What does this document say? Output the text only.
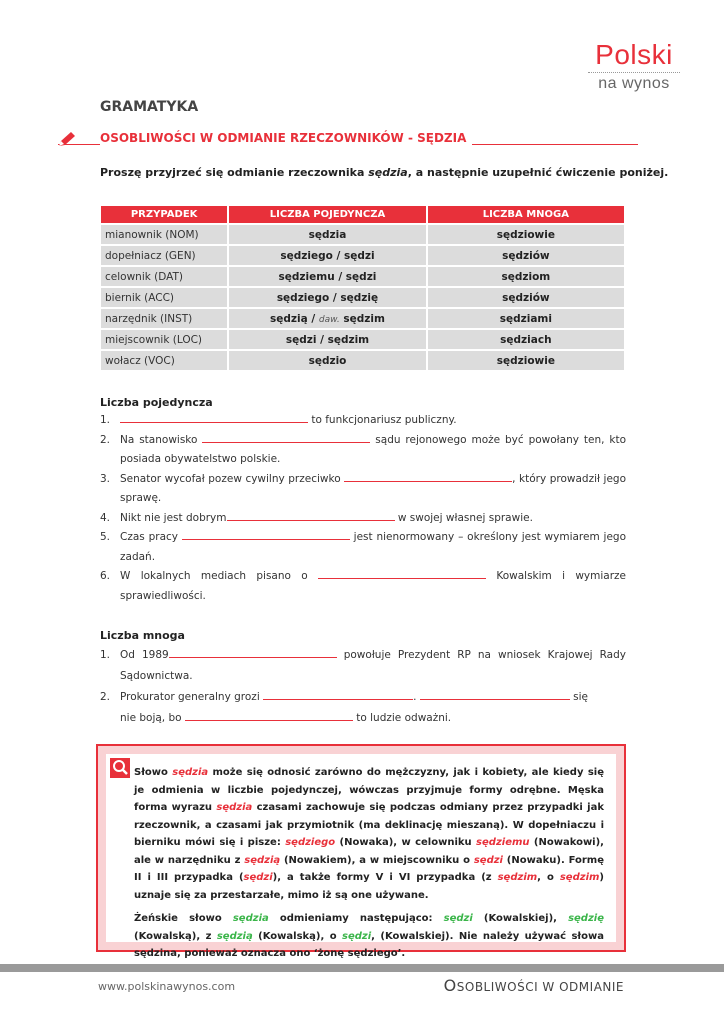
Polski
na wynos
GRAMATYKA
OSOBLIWOŚCI W ODMIANIE RZECZOWNIKÓW - SĘDZIA
Proszę przyjrzeć się odmianie rzeczownika sędzia, a następnie uzupełnić ćwiczenie poniżej.
PRZYPADEK	LICZBA POJEDYNCZA	LICZBA MNOGA
mianownik (NOM)	sędzia	sędziowie
dopełniacz (GEN)	sędziego / sędzi	sędziów
celownik (DAT)	sędziemu / sędzi	sędziom
biernik (ACC)	sędziego / sędzię	sędziów
narzędnik (INST)	sędzią / daw. sędzim	sędziami
miejscownik (LOC)	sędzi / sędzim	sędziach
wołacz (VOC)	sędzio	sędziowie
Liczba pojedyncza
1.	to funkcjonariusz publiczny.
2. Na stanowisko	sądu rejonowego może być powołany ten, kto posiada obywatelstwo polskie.
3. Senator wycofał pozew cywilny przeciwko	, który prowadził jego sprawę.
4. Nikt nie jest dobrym	w swojej własnej sprawie.
5. Czas pracy	jest nienormowany – określony jest wymiarem jego zadań.
6. W lokalnych mediach pisano o	Kowalskim i wymiarze sprawiedliwości.
Liczba mnoga
1. Od 1989	powołuje Prezydent RP na wniosek Krajowej Rady Sądownictwa.
2. Prokurator generalny grozi	.	się
nie boją, bo	to ludzie odważni.

Słowo sędzia może się odnosić zarówno do mężczyzny, jak i kobiety, ale kiedy się je odmienia w liczbie pojedynczej, wówczas przyjmuje formy odrębne. Męska forma wyrazu sędzia czasami zachowuje się podczas odmiany przez przypadki jak rzeczownik, a czasami jak przymiotnik (ma deklinację mieszaną). W dopełniaczu i bierniku mówi się i pisze: sędziego (Nowaka), w celowniku sędziemu (Nowakowi), ale w narzędniku z sędzią (Nowakiem), a w miejscowniku o sędzi (Nowaku). Formę II i III przypadka (sędzi), a także formy V i VI przypadka (z sędzim, o sędzim) uznaje się za przestarzałe, mimo iż są one używane.

Żeńskie słowo sędzia odmieniamy następująco: sędzi (Kowalskiej), sędzię (Kowalską), z sędzią (Kowalską), o sędzi, (Kowalskiej). Nie należy używać słowa sędzina, ponieważ oznacza ono ‘żonę sędziego’.

www.polskinawynos.com	OSOBLIWOŚCI W ODMIANIE
